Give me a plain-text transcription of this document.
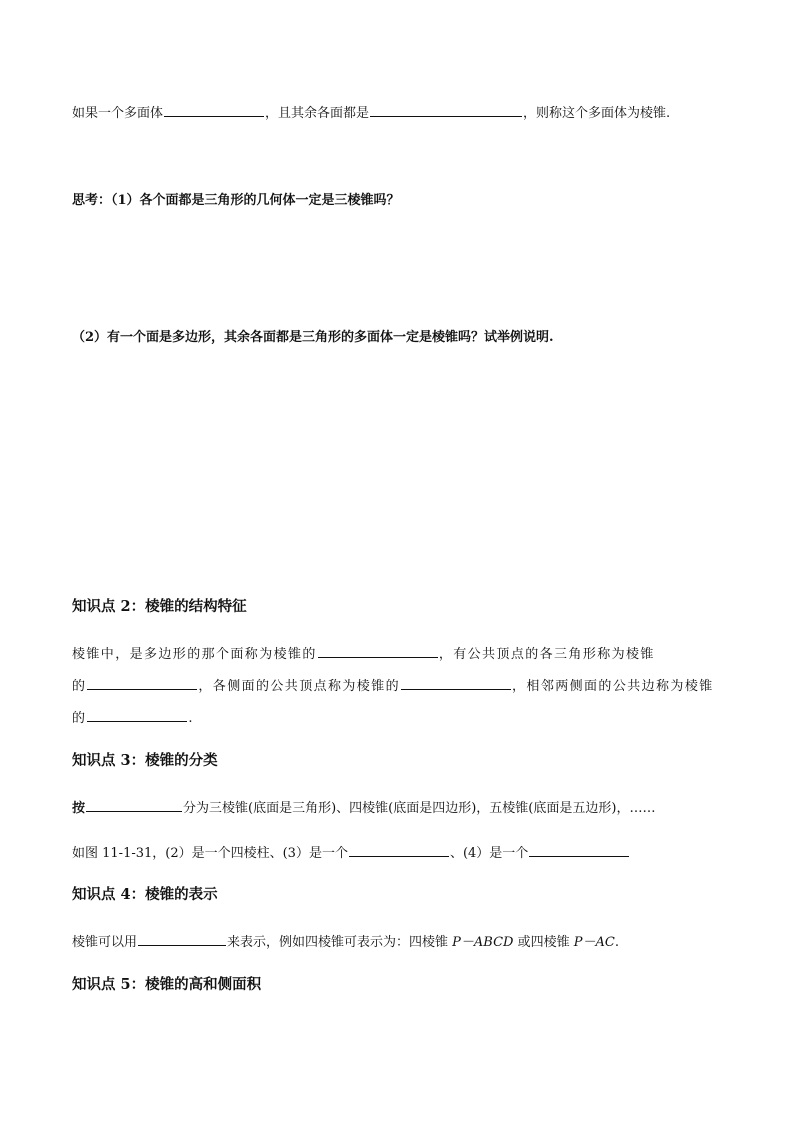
如果一个多面体	，且其余各面都是	，则称这个多面体为棱锥.
思考：（1）各个面都是三角形的几何体一定是三棱锥吗？
（2）有一个面是多边形，其余各面都是三角形的多面体一定是棱锥吗？试举例说明.
知识点 2：棱锥的结构特征
棱锥中，是多边形的那个面称为棱锥的	，有公共顶点的各三角形称为棱锥
的	，各侧面的公共顶点称为棱锥的	，相邻两侧面的公共边称为棱锥
的	.
知识点 3：棱锥的分类
按	分为三棱锥(底面是三角形)、四棱锥(底面是四边形)，五棱锥(底面是五边形)，……
如图 11-1-31，(2）是一个四棱柱、(3）是一个	、(4）是一个
知识点 4：棱锥的表示
棱锥可以用	来表示，例如四棱锥可表示为：四棱锥 P－ABCD 或四棱锥 P－AC.
知识点 5：棱锥的高和侧面积
